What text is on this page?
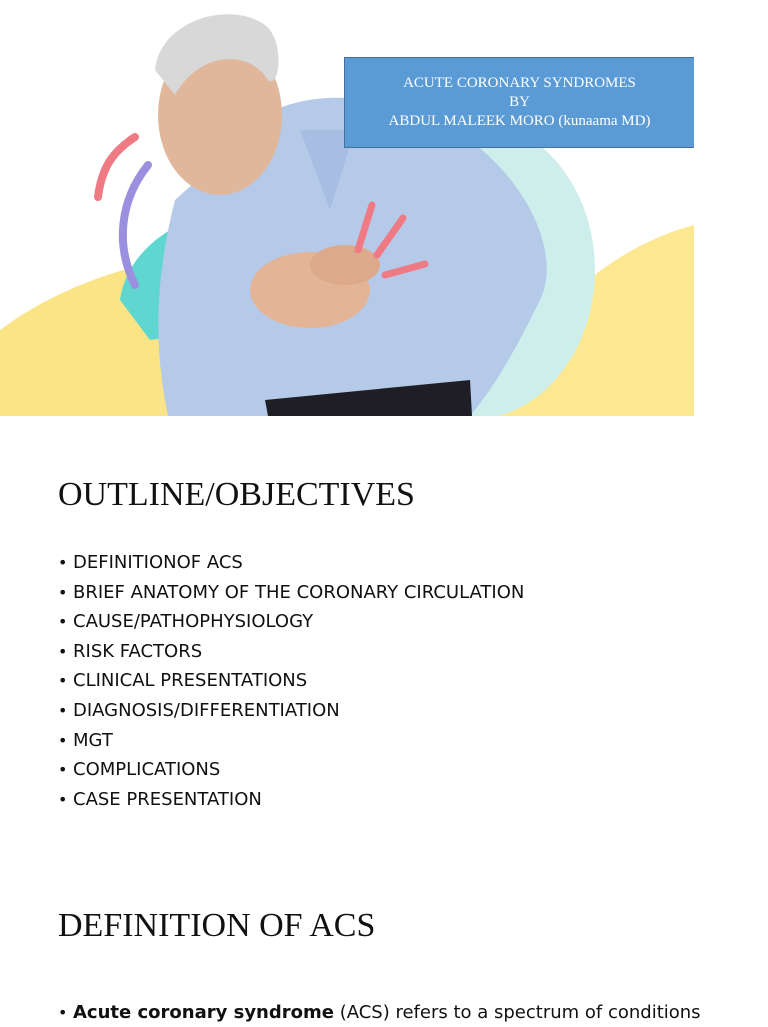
ACUTE CORONARY SYNDROMES
BY
ABDUL MALEEK MORO (kunaama MD)
OUTLINE/OBJECTIVES
• DEFINITIONOF ACS
• BRIEF ANATOMY OF THE CORONARY CIRCULATION
• CAUSE/PATHOPHYSIOLOGY
• RISK FACTORS
• CLINICAL PRESENTATIONS
• DIAGNOSIS/DIFFERENTIATION
• MGT
• COMPLICATIONS
• CASE PRESENTATION
DEFINITION OF ACS

• Acute coronary syndrome (ACS) refers to a spectrum of conditions
